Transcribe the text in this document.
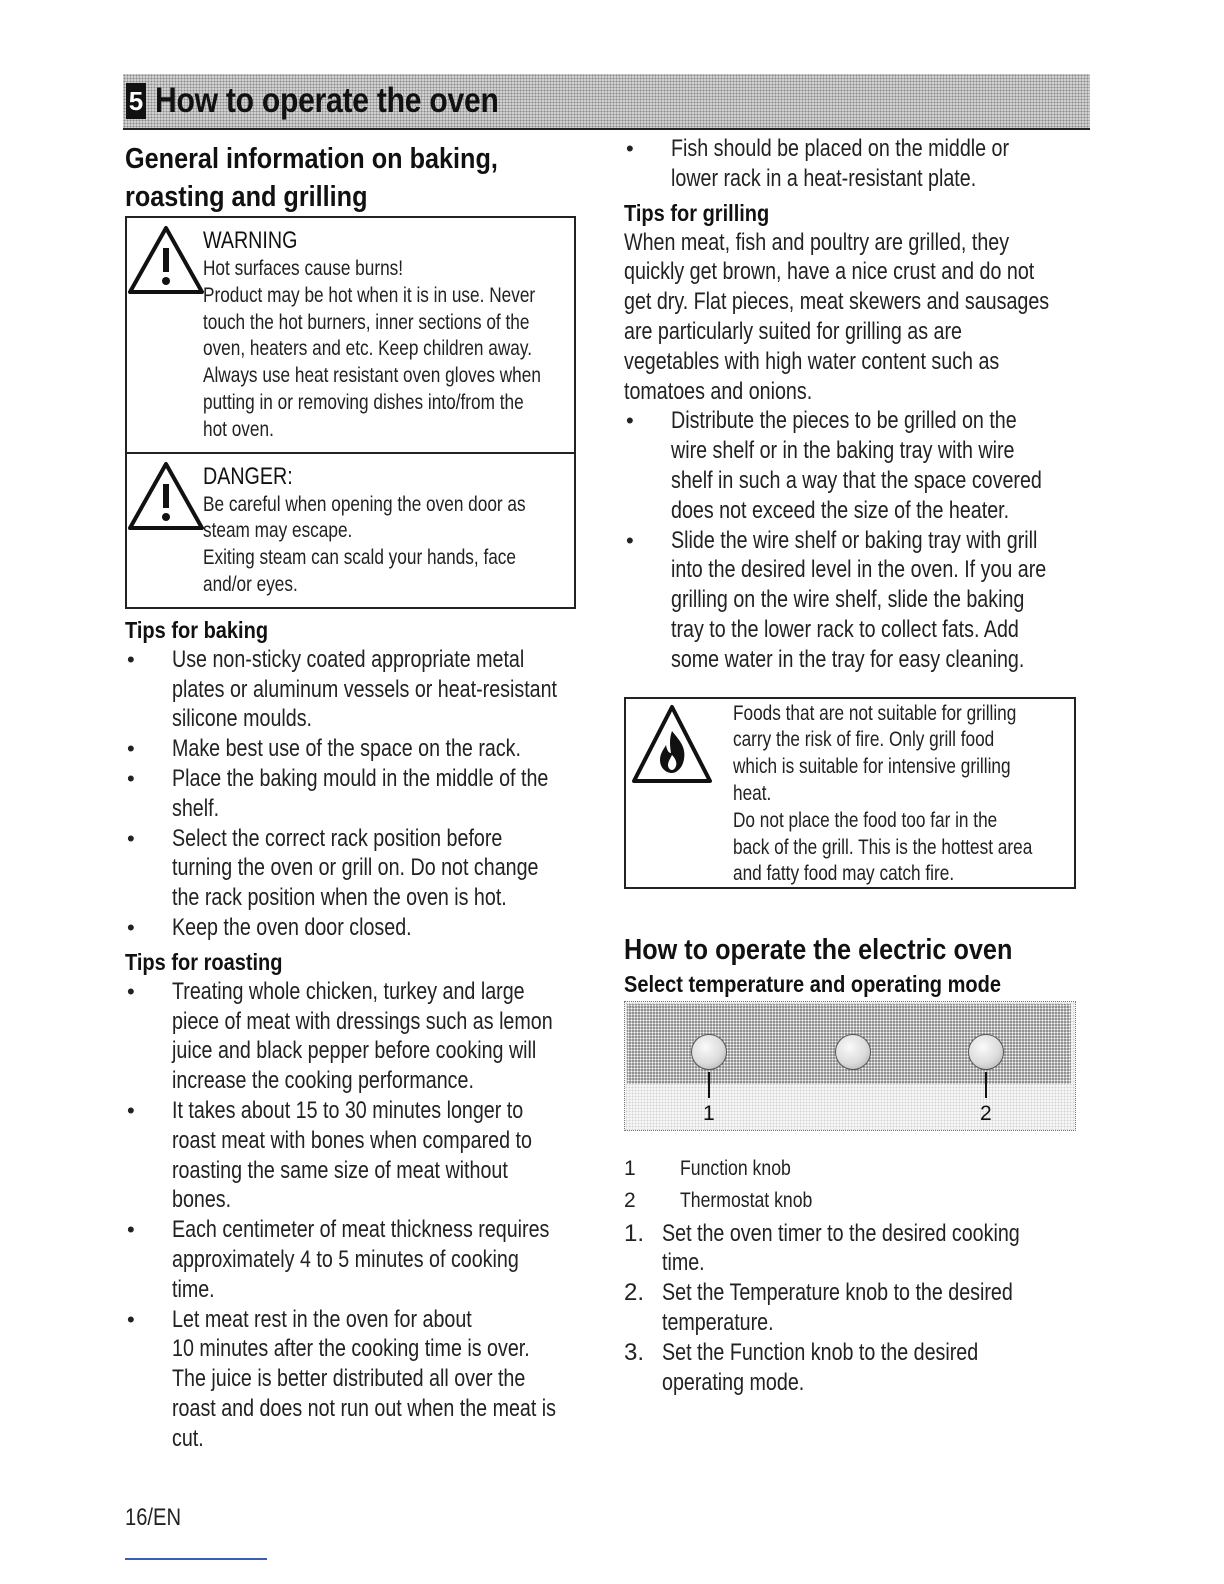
5 How to operate the oven
General information on baking,
roasting and grilling
WARNING
Hot surfaces cause burns!
Product may be hot when it is in use. Never
touch the hot burners, inner sections of the
oven, heaters and etc. Keep children away.
Always use heat resistant oven gloves when
putting in or removing dishes into/from the
hot oven.
DANGER:
Be careful when opening the oven door as
steam may escape.
Exiting steam can scald your hands, face
and/or eyes.
Tips for baking
• Use non-sticky coated appropriate metal
plates or aluminum vessels or heat-resistant
silicone moulds.
• Make best use of the space on the rack.
• Place the baking mould in the middle of the
shelf.
• Select the correct rack position before
turning the oven or grill on. Do not change
the rack position when the oven is hot.
• Keep the oven door closed.
Tips for roasting
• Treating whole chicken, turkey and large
piece of meat with dressings such as lemon
juice and black pepper before cooking will
increase the cooking performance.
• It takes about 15 to 30 minutes longer to
roast meat with bones when compared to
roasting the same size of meat without
bones.
• Each centimeter of meat thickness requires
approximately 4 to 5 minutes of cooking
time.
• Let meat rest in the oven for about
10 minutes after the cooking time is over.
The juice is better distributed all over the
roast and does not run out when the meat is
cut.
• Fish should be placed on the middle or
lower rack in a heat-resistant plate.
Tips for grilling
When meat, fish and poultry are grilled, they
quickly get brown, have a nice crust and do not
get dry. Flat pieces, meat skewers and sausages
are particularly suited for grilling as are
vegetables with high water content such as
tomatoes and onions.
• Distribute the pieces to be grilled on the
wire shelf or in the baking tray with wire
shelf in such a way that the space covered
does not exceed the size of the heater.
• Slide the wire shelf or baking tray with grill
into the desired level in the oven. If you are
grilling on the wire shelf, slide the baking
tray to the lower rack to collect fats. Add
some water in the tray for easy cleaning.
Foods that are not suitable for grilling
carry the risk of fire. Only grill food
which is suitable for intensive grilling
heat.
Do not place the food too far in the
back of the grill. This is the hottest area
and fatty food may catch fire.
How to operate the electric oven
Select temperature and operating mode
1	2
1 Function knob
2 Thermostat knob
1. Set the oven timer to the desired cooking
time.
2. Set the Temperature knob to the desired
temperature.
3. Set the Function knob to the desired
operating mode.
16/EN
